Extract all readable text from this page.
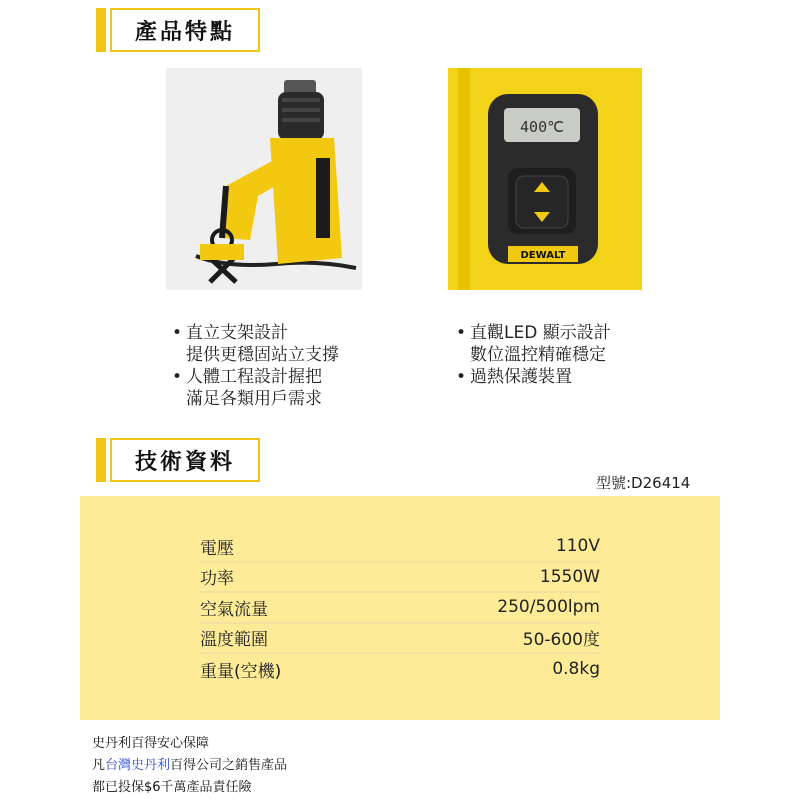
產品特點
400℃
DEWALT
• 直立支架設計
提供更穩固站立支撐
• 人體工程設計握把
滿足各類用戶需求
• 直觀LED 顯示設計
數位溫控精確穩定
• 過熱保護裝置
技術資料
型號:D26414
電壓	110V
功率	1550W
空氣流量	250/500lpm
溫度範圍	50-600度
重量(空機)	0.8kg
史丹利百得安心保障
凡台灣史丹利百得公司之銷售產品
都已投保$6千萬產品責任險
